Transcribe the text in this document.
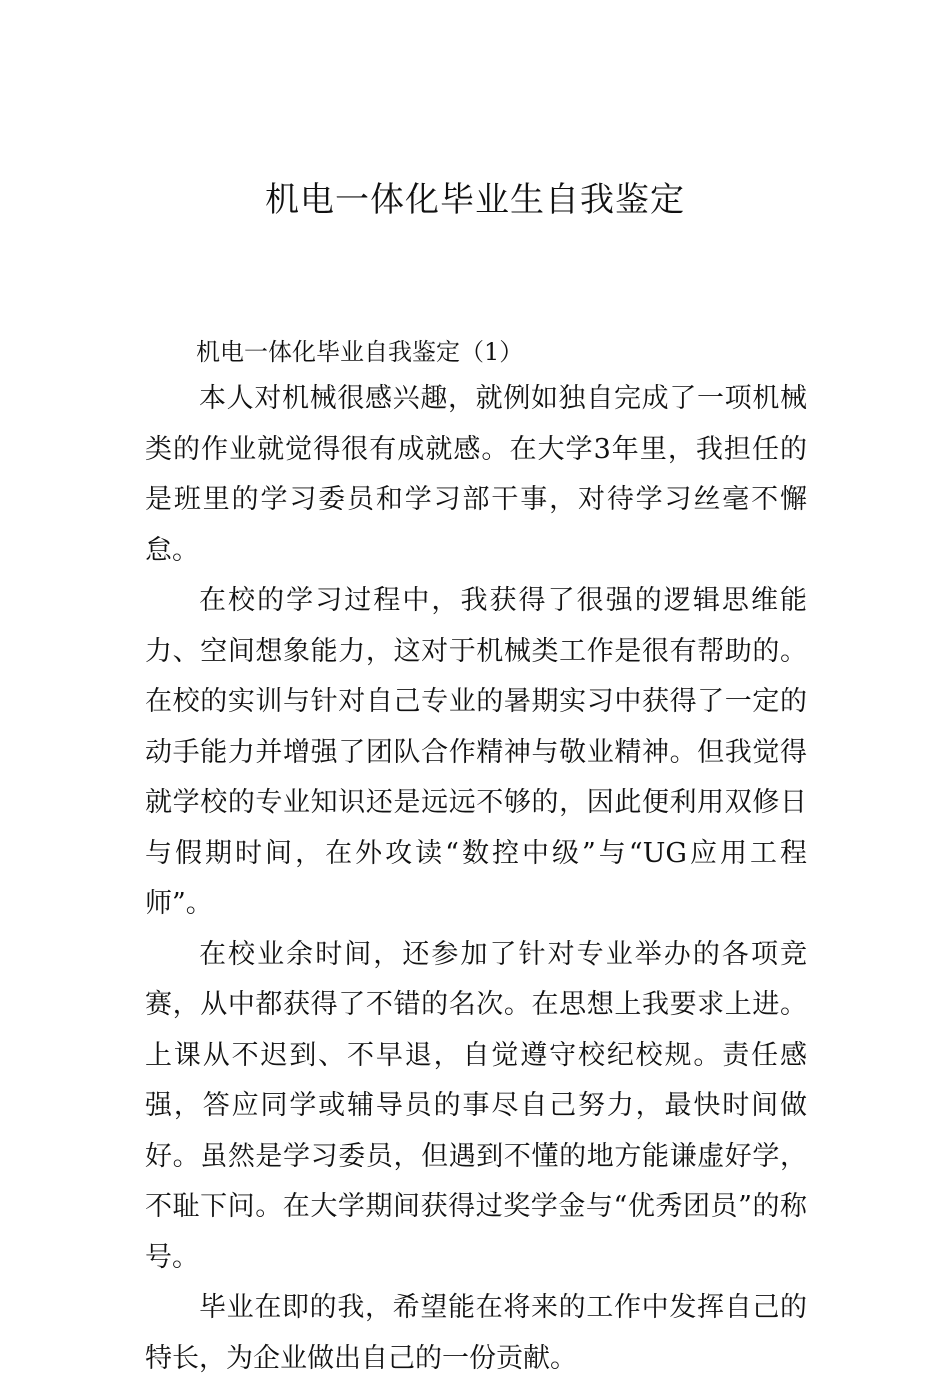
机电一体化毕业生自我鉴定
机电一体化毕业自我鉴定（1）

本人对机械很感兴趣，就例如独自完成了一项机械类的作业就觉得很有成就感。在大学3年里，我担任的是班里的学习委员和学习部干事，对待学习丝毫不懈怠。

在校的学习过程中，我获得了很强的逻辑思维能力、空间想象能力，这对于机械类工作是很有帮助的。在校的实训与针对自己专业的暑期实习中获得了一定的动手能力并增强了团队合作精神与敬业精神。但我觉得就学校的专业知识还是远远不够的，因此便利用双修日与假期时间，在外攻读“数控中级”与“UG应用工程师”。

在校业余时间，还参加了针对专业举办的各项竞赛，从中都获得了不错的名次。在思想上我要求上进。上课从不迟到、不早退，自觉遵守校纪校规。责任感强，答应同学或辅导员的事尽自己努力，最快时间做好。虽然是学习委员，但遇到不懂的地方能谦虚好学，不耻下问。在大学期间获得过奖学金与“优秀团员”的称号。

毕业在即的我，希望能在将来的工作中发挥自己的特长，为企业做出自己的一份贡献。
